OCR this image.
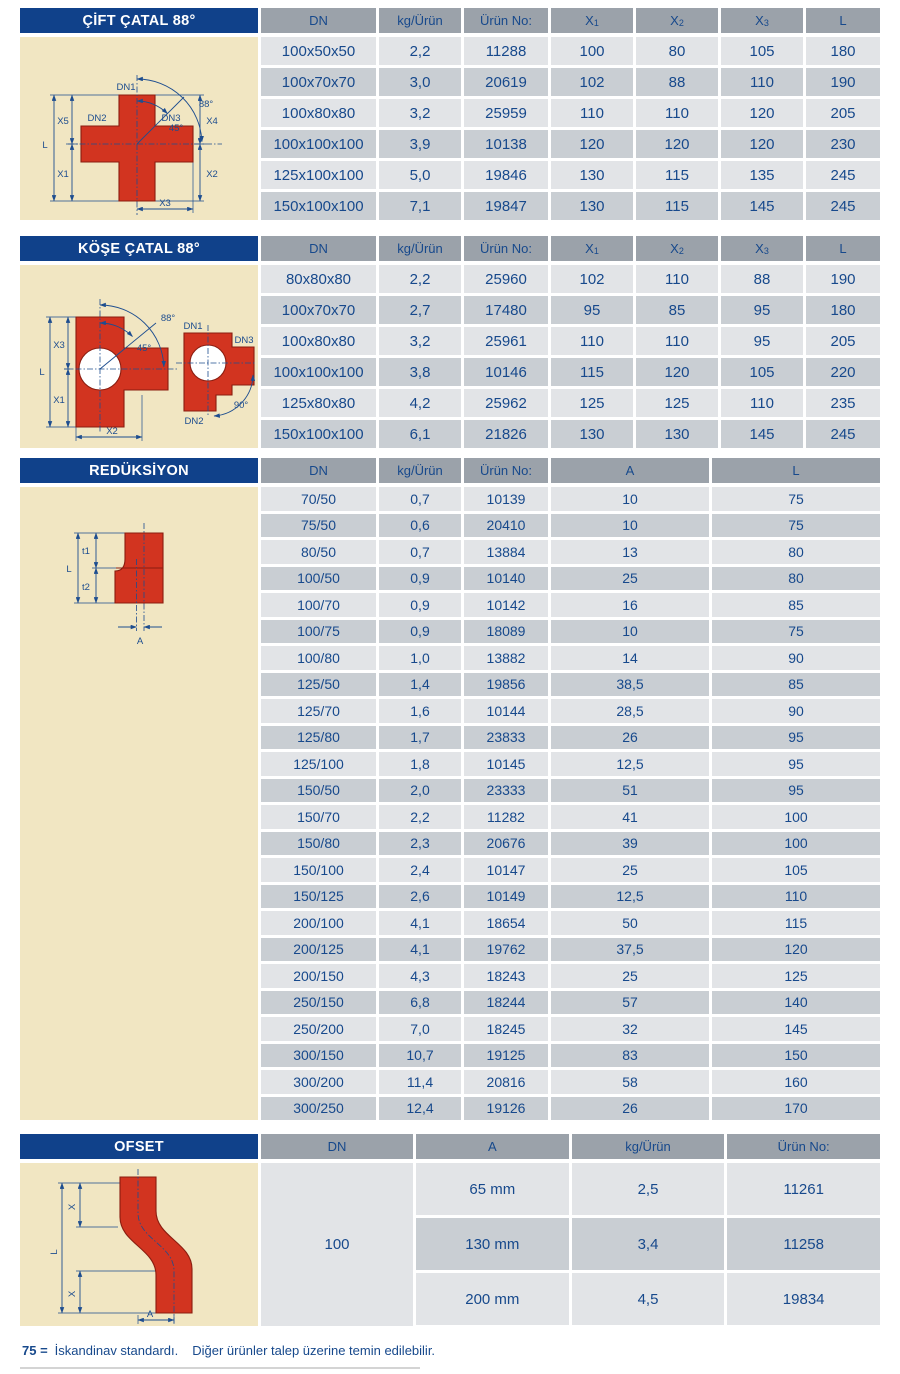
ÇİFT ÇATAL 88°	DN	kg/Ürün	Ürün No:	X 1	X 2	X 3	L
L
X5
X1
X4
X2
X3
DN1
DN2	DN3
88°
45°
100x50x50	2,2	11288	100	80	105	180
100x70x70	3,0	20619	102	88	110	190
100x80x80	3,2	25959	110	110	120	205
100x100x100	3,9	10138	120	120	120	230
125x100x100	5,0	19846	130	115	135	245
150x100x100	7,1	19847	130	115	145	245
KÖŞE ÇATAL 88°	DN	kg/Ürün	Ürün No:	X 1	X 2	X 3	L
L
X3
X1
X2
88°
45°
DN1
DN3
DN2
90°
80x80x80	2,2	25960	102	110	88	190
100x70x70	2,7	17480	95	85	95	180
100x80x80	3,2	25961	110	110	95	205
100x100x100	3,8	10146	115	120	105	220
125x80x80	4,2	25962	125	125	110	235
150x100x100	6,1	21826	130	130	145	245
REDÜKSİYON	DN	kg/Ürün	Ürün No:	A	L
L
t1
t2
A
70/50	0,7	10139	10	75
75/50	0,6	20410	10	75
80/50	0,7	13884	13	80
100/50	0,9	10140	25	80
100/70	0,9	10142	16	85
100/75	0,9	18089	10	75
100/80	1,0	13882	14	90
125/50	1,4	19856	38,5	85
125/70	1,6	10144	28,5	90
125/80	1,7	23833	26	95
125/100	1,8	10145	12,5	95
150/50	2,0	23333	51	95
150/70	2,2	11282	41	100
150/80	2,3	20676	39	100
150/100	2,4	10147	25	105
150/125	2,6	10149	12,5	110
200/100	4,1	18654	50	115
200/125	4,1	19762	37,5	120
200/150	4,3	18243	25	125
250/150	6,8	18244	57	140
250/200	7,0	18245	32	145
300/150	10,7	19125	83	150
300/200	11,4	20816	58	160
300/250	12,4	19126	26	170
OFSET	DN	A	kg/Ürün	Ürün No:
L
X
X
A
100
65 mm	2,5	11261
130 mm	3,4	11258
200 mm	4,5	19834
75 = İskandinav standardı. Diğer ürünler talep üzerine temin edilebilir.
